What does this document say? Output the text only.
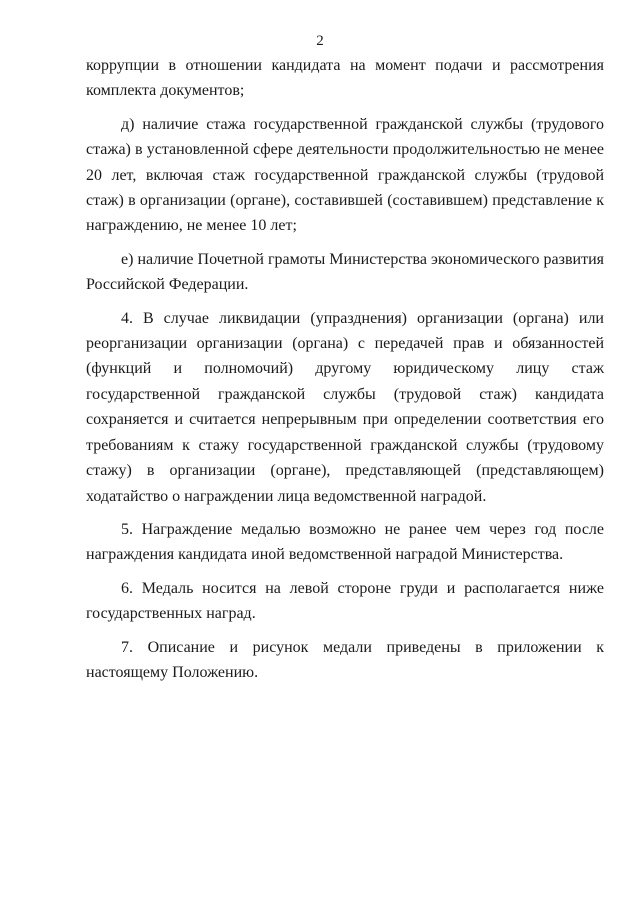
2

коррупции в отношении кандидата на момент подачи и рассмотрения комплекта документов;

д) наличие стажа государственной гражданской службы (трудового стажа) в установленной сфере деятельности продолжительностью не менее 20 лет, включая стаж государственной гражданской службы (трудовой стаж) в организации (органе), составившей (составившем) представление к награждению, не менее 10 лет;

е) наличие Почетной грамоты Министерства экономического развития Российской Федерации.

4. В случае ликвидации (упразднения) организации (органа) или реорганизации организации (органа) с передачей прав и обязанностей (функций и полномочий) другому юридическому лицу стаж государственной гражданской службы (трудовой стаж) кандидата сохраняется и считается непрерывным при определении соответствия его требованиям к стажу государственной гражданской службы (трудовому стажу) в организации (органе), представляющей (представляющем) ходатайство о награждении лица ведомственной наградой.

5. Награждение медалью возможно не ранее чем через год после награждения кандидата иной ведомственной наградой Министерства.

6. Медаль носится на левой стороне груди и располагается ниже государственных наград.

7. Описание и рисунок медали приведены в приложении к настоящему Положению.
